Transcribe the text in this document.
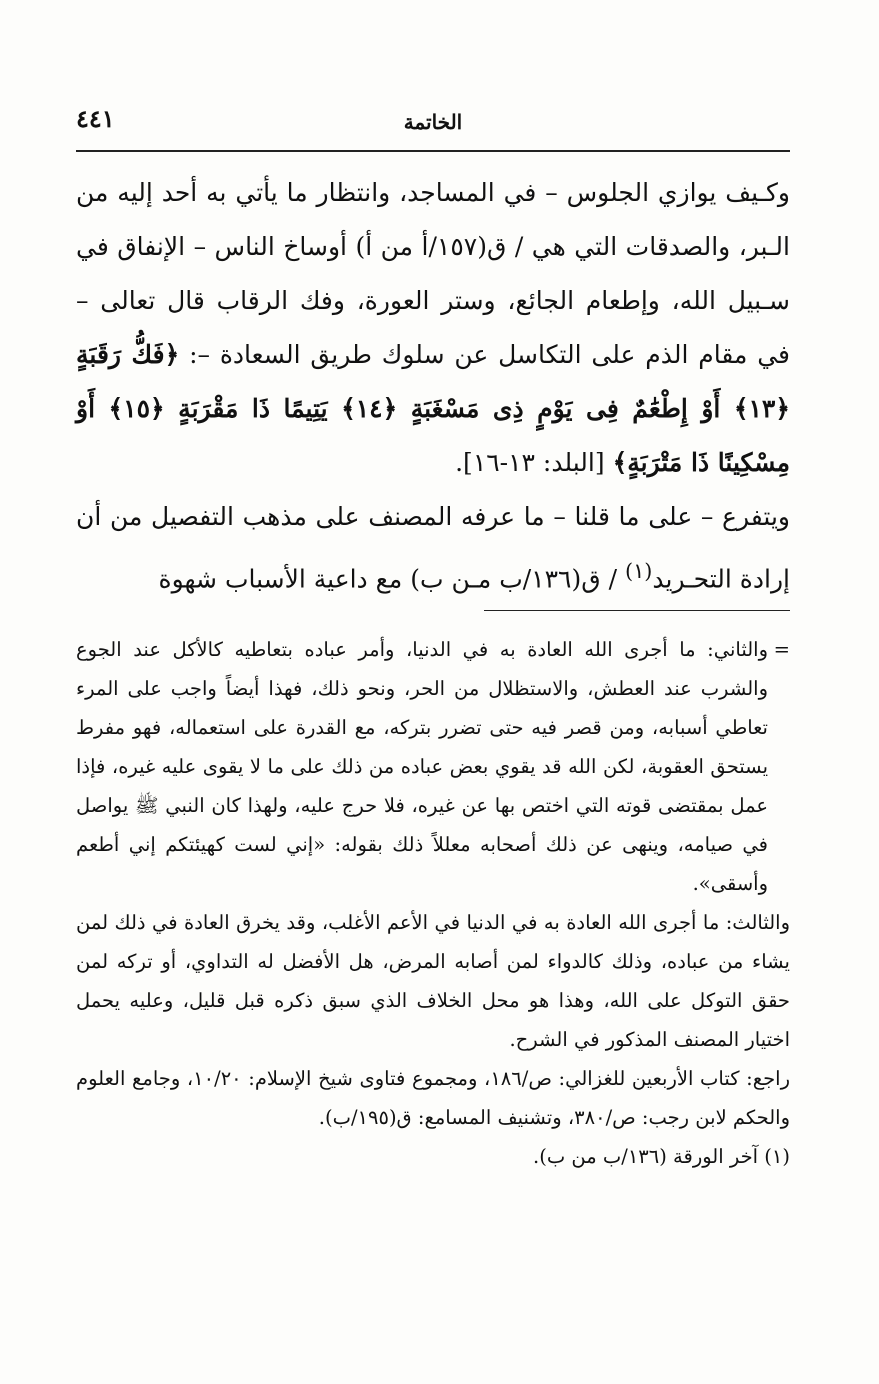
٤٤١	الخاتمة

وكـيف يوازي الجلوس – في المساجد، وانتظار ما يأتي به أحد إليه من الـبر، والصدقات التي هي / ق(١٥٧/أ من أ) أوساخ الناس – الإنفاق في سـبيل الله، وإطعام الجائع، وستر العورة، وفك الرقاب قال تعالى – في مقام الذم على التكاسل عن سلوك طريق السعادة –: ﴿فَكُّ رَقَبَةٍ ﴿١٣﴾ أَوْ إِطْعَٰمٌ فِى يَوْمٍ ذِى مَسْغَبَةٍ ﴿١٤﴾ يَتِيمًا ذَا مَقْرَبَةٍ ﴿١٥﴾ أَوْ مِسْكِينًا ذَا مَتْرَبَةٍ﴾ [البلد: ١٣-١٦].

ويتفرع – على ما قلنا – ما عرفه المصنف على مذهب التفصيل من أن إرادة التحـريد$^{(١)}$ / ق(١٣٦/ب مـن ب) مع داعية الأسباب شهوة

=والثاني: ما أجرى الله العادة به في الدنيا، وأمر عباده بتعاطيه كالأكل عند الجوع والشرب عند العطش، والاستظلال من الحر، ونحو ذلك، فهذا أيضاً واجب على المرء تعاطي أسبابه، ومن قصر فيه حتى تضرر بتركه، مع القدرة على استعماله، فهو مفرط يستحق العقوبة، لكن الله قد يقوي بعض عباده من ذلك على ما لا يقوى عليه غيره، فإذا عمل بمقتضى قوته التي اختص بها عن غيره، فلا حرج عليه، ولهذا كان النبي ﷺ يواصل في صيامه، وينهى عن ذلك أصحابه معللاً ذلك بقوله: «إني لست كهيئتكم إني أطعم وأسقى».

والثالث: ما أجرى الله العادة به في الدنيا في الأعم الأغلب، وقد يخرق العادة في ذلك لمن يشاء من عباده، وذلك كالدواء لمن أصابه المرض، هل الأفضل له التداوي، أو تركه لمن حقق التوكل على الله، وهذا هو محل الخلاف الذي سبق ذكره قبل قليل، وعليه يحمل اختيار المصنف المذكور في الشرح.

راجع: كتاب الأربعين للغزالي: ص/١٨٦، ومجموع فتاوى شيخ الإسلام: ١٠/٢٠، وجامع العلوم والحكم لابن رجب: ص/٣٨٠، وتشنيف المسامع: ق(١٩٥/ب).

(١) آخر الورقة (١٣٦/ب من ب).
